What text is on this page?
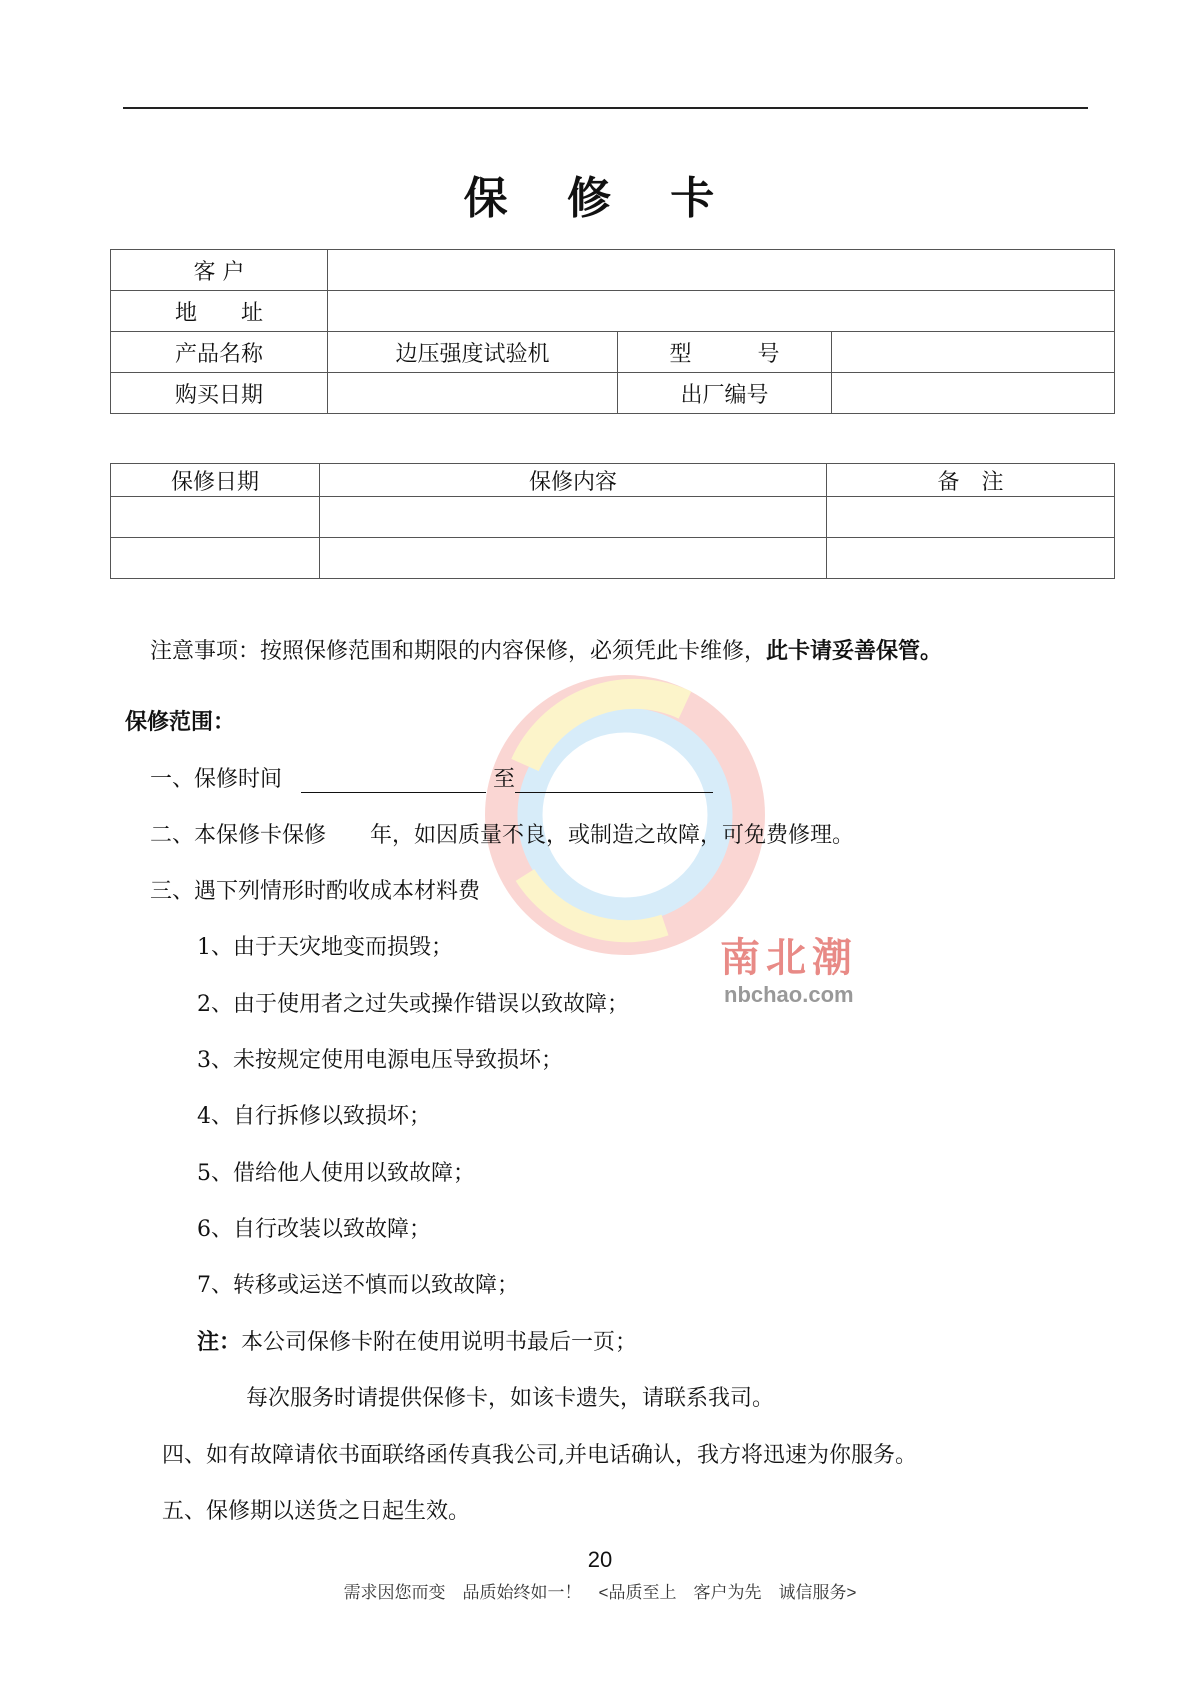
保 修 卡
客 户			
地　　址			
产品名称	边压强度试验机	型　　　号	
购买日期		出厂编号	
保修日期	保修内容	备　注

南北潮
nbchao.com
注意事项：按照保修范围和期限的内容保修，必须凭此卡维修，此卡请妥善保管。
保修范围：
一、保修时间	至
二、本保修卡保修　　年，如因质量不良，或制造之故障，可免费修理。
三、遇下列情形时酌收成本材料费
1、由于天灾地变而损毁；
2、由于使用者之过失或操作错误以致故障；
3、未按规定使用电源电压导致损坏；
4、自行拆修以致损坏；
5、借给他人使用以致故障；
6、自行改装以致故障；
7、转移或运送不慎而以致故障；
注：本公司保修卡附在使用说明书最后一页；
每次服务时请提供保修卡，如该卡遗失，请联系我司。
四、如有故障请依书面联络函传真我公司,并电话确认，我方将迅速为你服务。
五、保修期以送货之日起生效。
20
需求因您而变　品质始终如一！　<品质至上　客户为先　诚信服务>
